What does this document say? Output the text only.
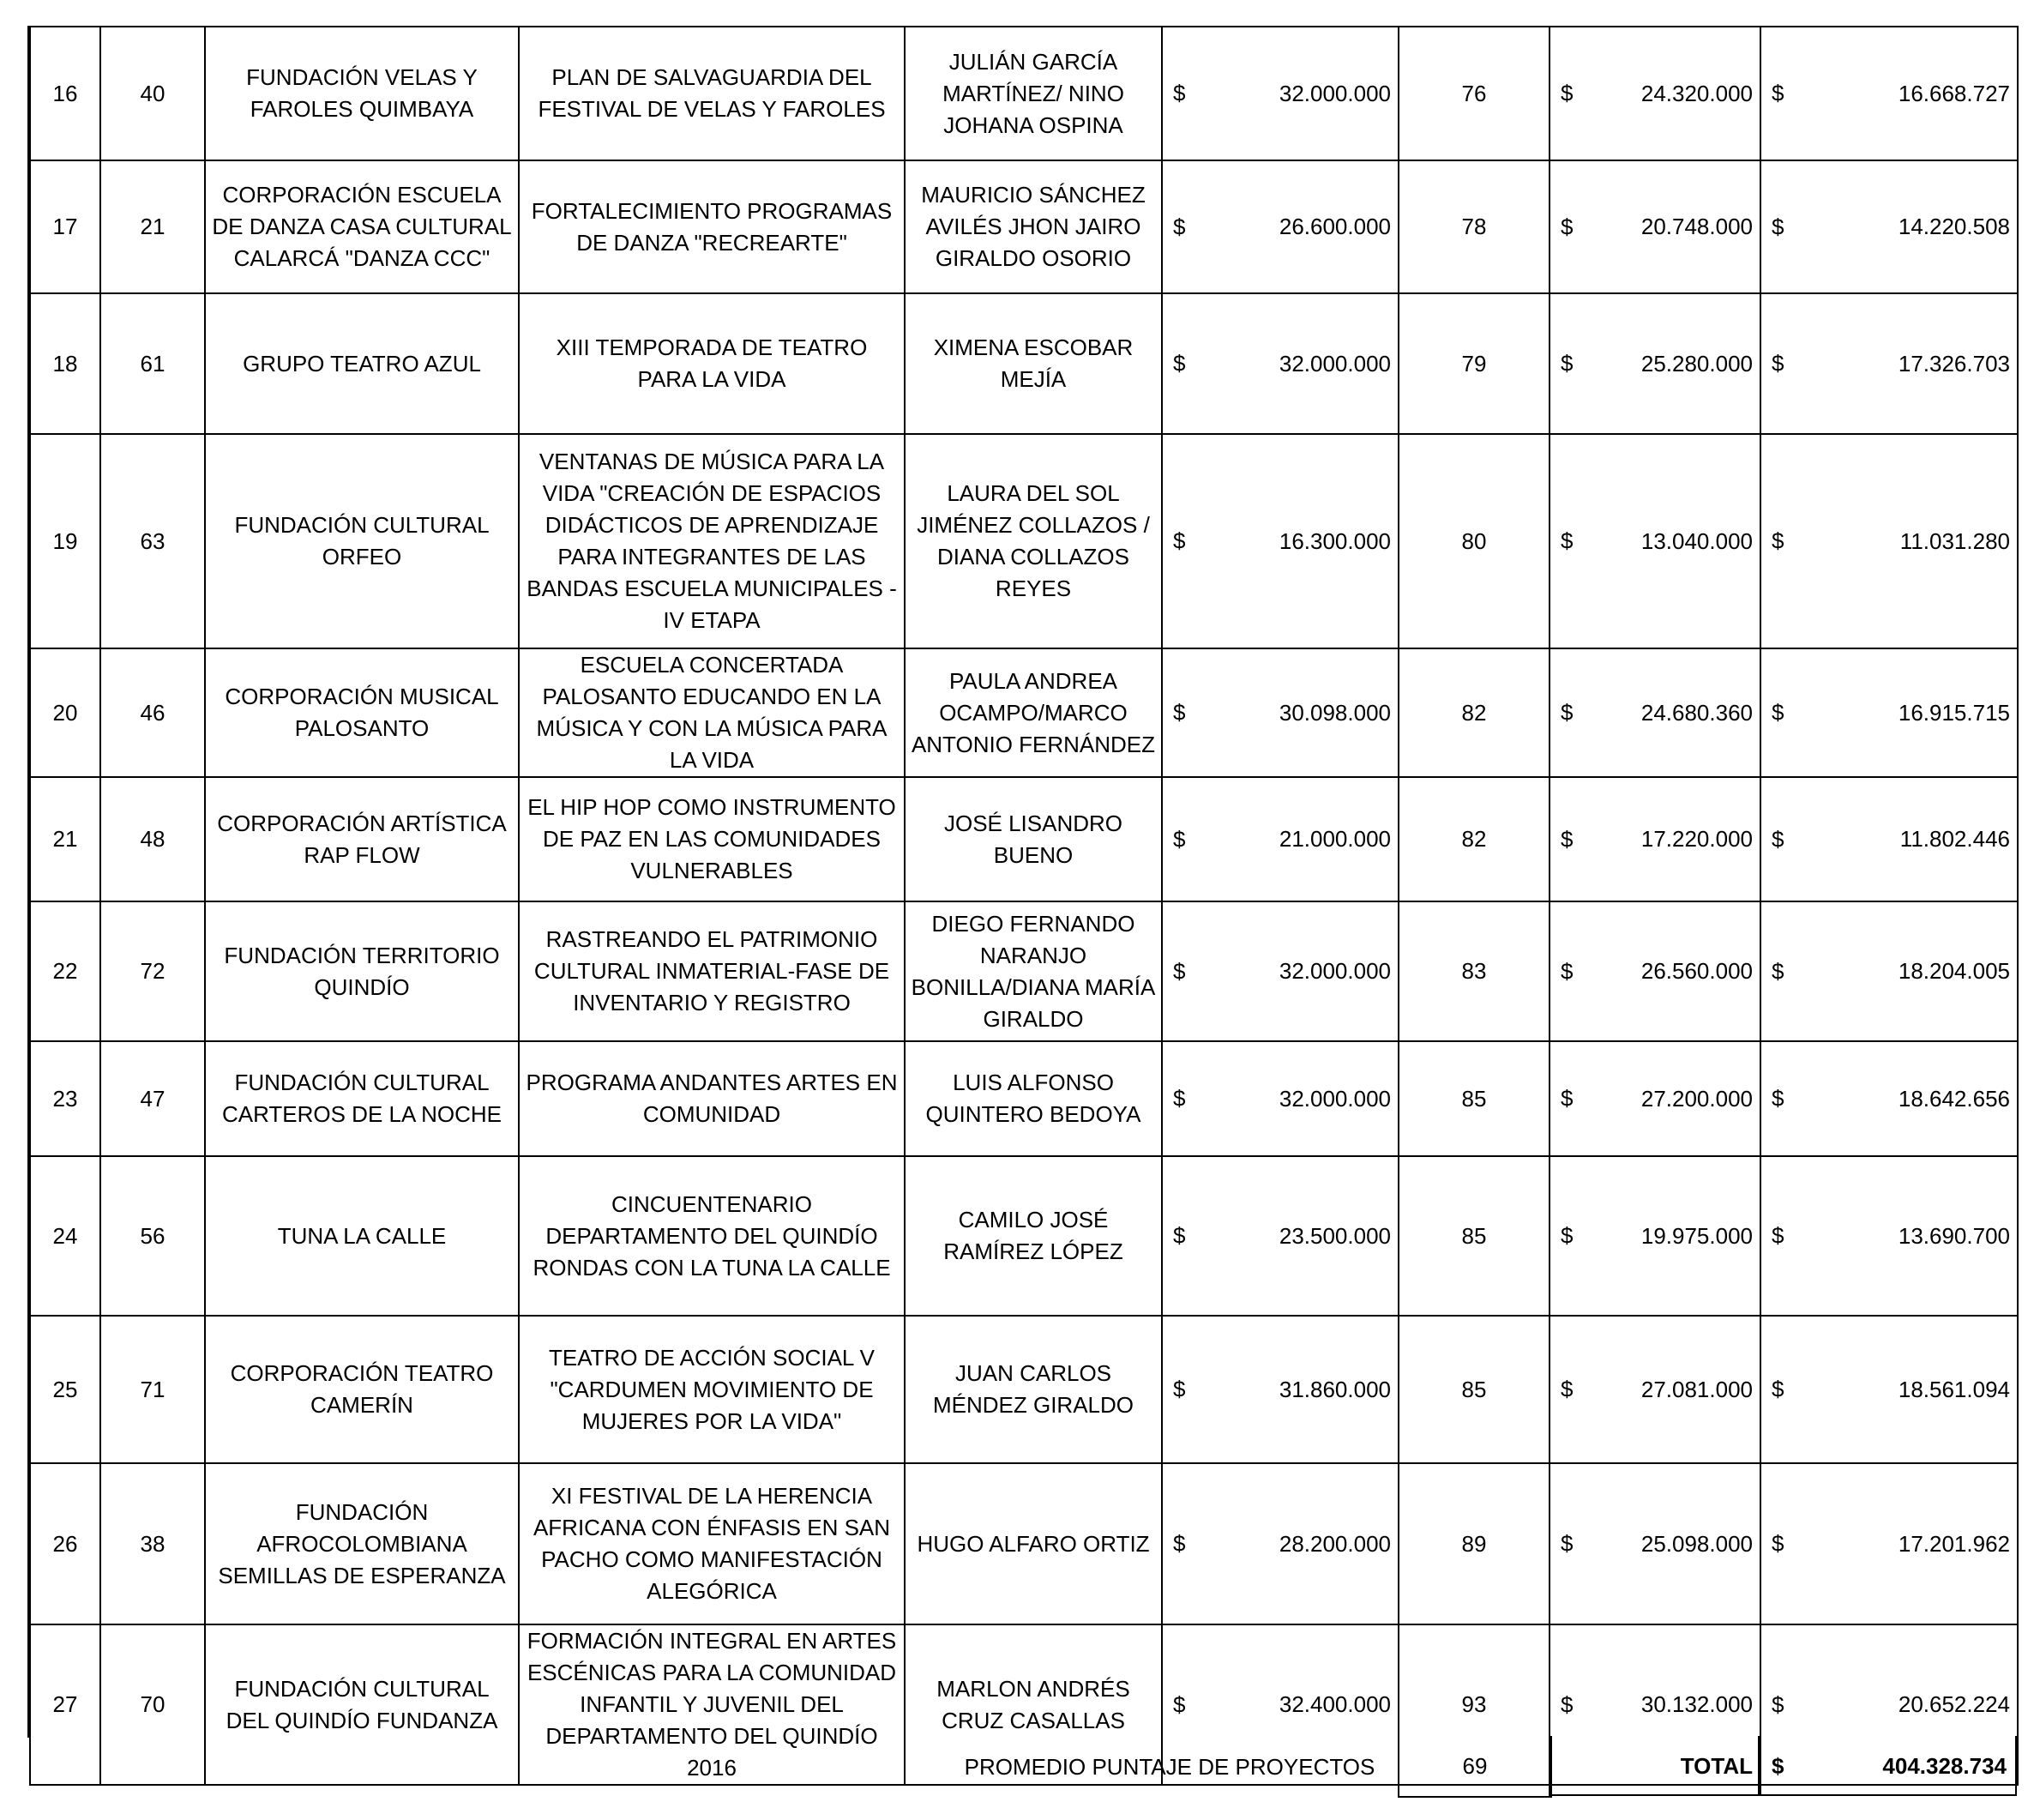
16	40	FUNDACIÓN VELAS Y FAROLES QUIMBAYA	PLAN DE SALVAGUARDIA DEL FESTIVAL DE VELAS Y FAROLES	JULIÁN GARCÍA MARTÍNEZ/ NINO JOHANA OSPINA	$ 32.000.000	76	$ 24.320.000	$ 16.668.727

17	21	CORPORACIÓN ESCUELA DE DANZA CASA CULTURAL CALARCÁ "DANZA CCC"	FORTALECIMIENTO PROGRAMAS DE DANZA "RECREARTE"	MAURICIO SÁNCHEZ AVILÉS JHON JAIRO GIRALDO OSORIO	$ 26.600.000	78	$ 20.748.000	$ 14.220.508

18	61	GRUPO TEATRO AZUL	XIII TEMPORADA DE TEATRO PARA LA VIDA	XIMENA ESCOBAR MEJÍA	$ 32.000.000	79	$ 25.280.000	$ 17.326.703

19	63	FUNDACIÓN CULTURAL ORFEO	VENTANAS DE MÚSICA PARA LA VIDA "CREACIÓN DE ESPACIOS DIDÁCTICOS DE APRENDIZAJE PARA INTEGRANTES DE LAS BANDAS ESCUELA MUNICIPALES - IV ETAPA	LAURA DEL SOL JIMÉNEZ COLLAZOS / DIANA COLLAZOS REYES	$ 16.300.000	80	$ 13.040.000	$ 11.031.280

20	46	CORPORACIÓN MUSICAL PALOSANTO	ESCUELA CONCERTADA PALOSANTO EDUCANDO EN LA MÚSICA Y CON LA MÚSICA PARA LA VIDA	PAULA ANDREA OCAMPO/MARCO ANTONIO FERNÁNDEZ	$ 30.098.000	82	$ 24.680.360	$ 16.915.715

21	48	CORPORACIÓN ARTÍSTICA RAP FLOW	EL HIP HOP COMO INSTRUMENTO DE PAZ EN LAS COMUNIDADES VULNERABLES	JOSÉ LISANDRO BUENO	$ 21.000.000	82	$ 17.220.000	$ 11.802.446

22	72	FUNDACIÓN TERRITORIO QUINDÍO	RASTREANDO EL PATRIMONIO CULTURAL INMATERIAL-FASE DE INVENTARIO Y REGISTRO	DIEGO FERNANDO NARANJO BONILLA/DIANA MARÍA GIRALDO	$ 32.000.000	83	$ 26.560.000	$ 18.204.005

23	47	FUNDACIÓN CULTURAL CARTEROS DE LA NOCHE	PROGRAMA ANDANTES ARTES EN COMUNIDAD	LUIS ALFONSO QUINTERO BEDOYA	$ 32.000.000	85	$ 27.200.000	$ 18.642.656

24	56	TUNA LA CALLE	CINCUENTENARIO DEPARTAMENTO DEL QUINDÍO RONDAS CON LA TUNA LA CALLE	CAMILO JOSÉ RAMÍREZ LÓPEZ	$ 23.500.000	85	$ 19.975.000	$ 13.690.700

25	71	CORPORACIÓN TEATRO CAMERÍN	TEATRO DE ACCIÓN SOCIAL V "CARDUMEN MOVIMIENTO DE MUJERES POR LA VIDA"	JUAN CARLOS MÉNDEZ GIRALDO	$ 31.860.000	85	$ 27.081.000	$ 18.561.094

26	38	FUNDACIÓN AFROCOLOMBIANA SEMILLAS DE ESPERANZA	XI FESTIVAL DE LA HERENCIA AFRICANA CON ÉNFASIS EN SAN PACHO COMO MANIFESTACIÓN ALEGÓRICA	HUGO ALFARO ORTIZ	$ 28.200.000	89	$ 25.098.000	$ 17.201.962

27	70	FUNDACIÓN CULTURAL DEL QUINDÍO FUNDANZA	FORMACIÓN INTEGRAL EN ARTES ESCÉNICAS PARA LA COMUNIDAD INFANTIL Y JUVENIL DEL DEPARTAMENTO DEL QUINDÍO 2016	MARLON ANDRÉS CRUZ CASALLAS	$ 32.400.000	93	$ 30.132.000	$ 20.652.224
PROMEDIO PUNTAJE DE PROYECTOS	69	TOTAL $	404.328.734
